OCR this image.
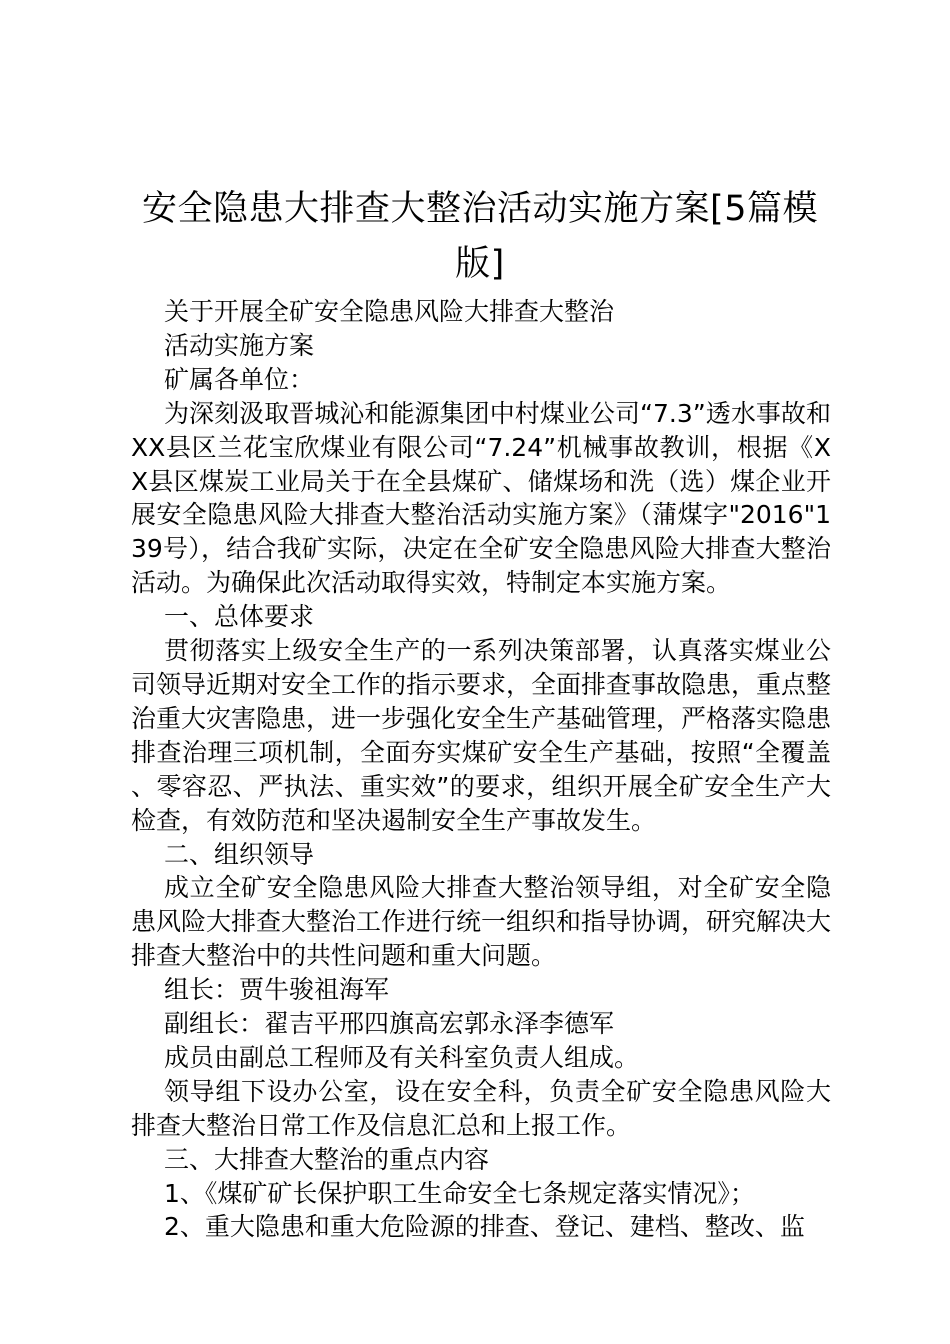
安全隐患大排查大整治活动实施方案[5篇模版]

关于开展全矿安全隐患风险大排查大整治

活动实施方案

矿属各单位：

为深刻汲取晋城沁和能源集团中村煤业公司“7.3”透水事故和XX县区兰花宝欣煤业有限公司“7.24”机械事故教训，根据《XX县区煤炭工业局关于在全县煤矿、储煤场和洗（选）煤企业开展安全隐患风险大排查大整治活动实施方案》（蒲煤字"2016"139号），结合我矿实际，决定在全矿安全隐患风险大排查大整治活动。为确保此次活动取得实效，特制定本实施方案。

一、总体要求

贯彻落实上级安全生产的一系列决策部署，认真落实煤业公司领导近期对安全工作的指示要求，全面排查事故隐患，重点整治重大灾害隐患，进一步强化安全生产基础管理，严格落实隐患排查治理三项机制，全面夯实煤矿安全生产基础，按照“全覆盖、零容忍、严执法、重实效”的要求，组织开展全矿安全生产大检查，有效防范和坚决遏制安全生产事故发生。

二、组织领导

成立全矿安全隐患风险大排查大整治领导组，对全矿安全隐患风险大排查大整治工作进行统一组织和指导协调，研究解决大排查大整治中的共性问题和重大问题。

组长：贾牛骏祖海军

副组长：翟吉平邢四旗高宏郭永泽李德军

成员由副总工程师及有关科室负责人组成。

领导组下设办公室，设在安全科，负责全矿安全隐患风险大排查大整治日常工作及信息汇总和上报工作。

三、大排查大整治的重点内容

1、《煤矿矿长保护职工生命安全七条规定落实情况》；

2、重大隐患和重大危险源的排查、登记、建档、整改、监
